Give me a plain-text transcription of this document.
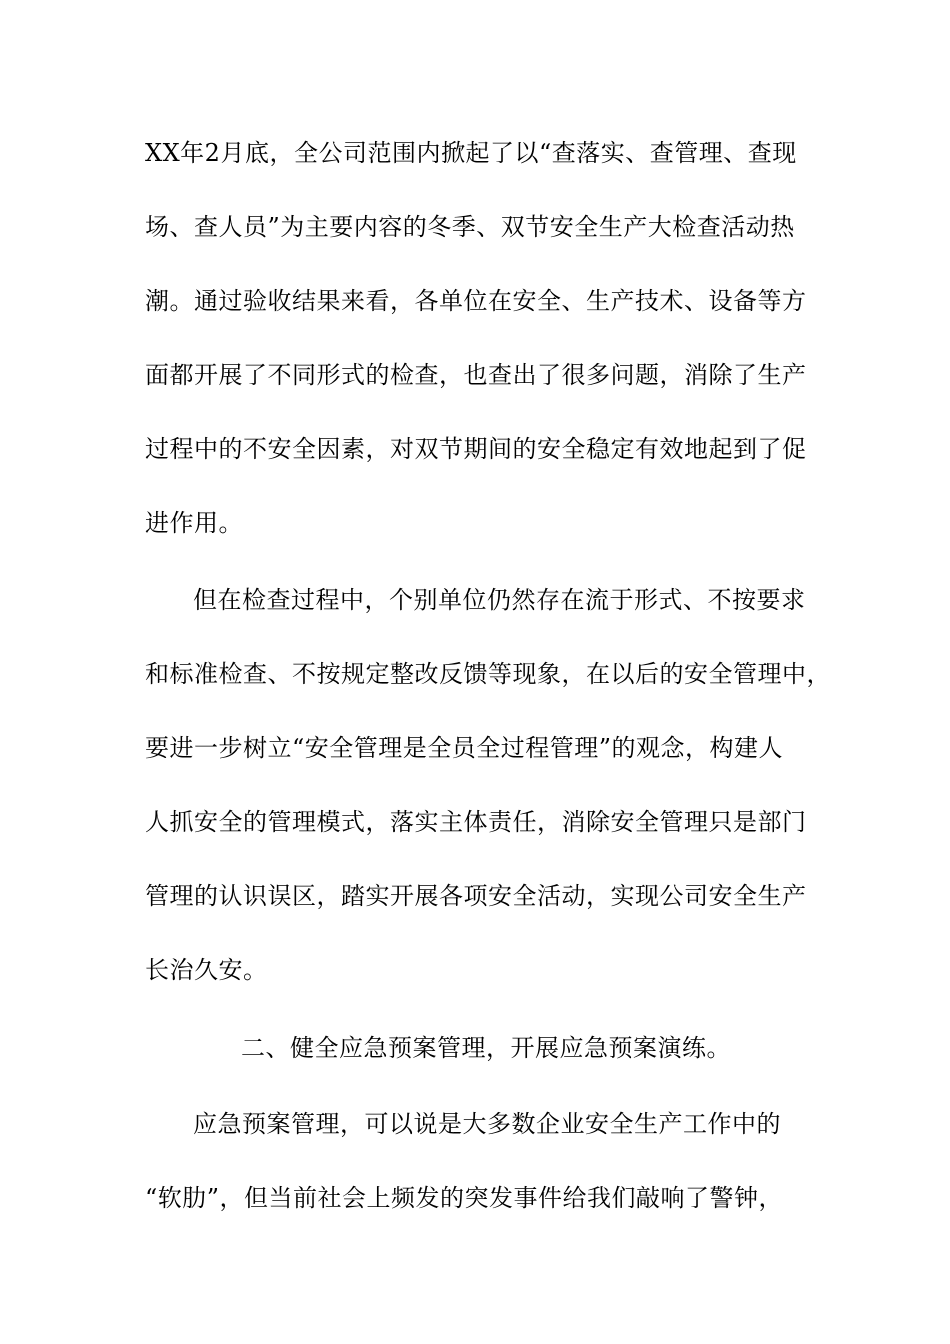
XX年2月底，全公司范围内掀起了以“查落实、查管理、查现
场、查人员”为主要内容的冬季、双节安全生产大检查活动热
潮。通过验收结果来看，各单位在安全、生产技术、设备等方
面都开展了不同形式的检查，也查出了很多问题，消除了生产
过程中的不安全因素，对双节期间的安全稳定有效地起到了促
进作用。
但在检查过程中，个别单位仍然存在流于形式、不按要求
和标准检查、不按规定整改反馈等现象，在以后的安全管理中，
要进一步树立“安全管理是全员全过程管理”的观念，构建人
人抓安全的管理模式，落实主体责任，消除安全管理只是部门
管理的认识误区，踏实开展各项安全活动，实现公司安全生产
长治久安。
二、健全应急预案管理，开展应急预案演练。
应急预案管理，可以说是大多数企业安全生产工作中的
“软肋”，但当前社会上频发的突发事件给我们敲响了警钟，
